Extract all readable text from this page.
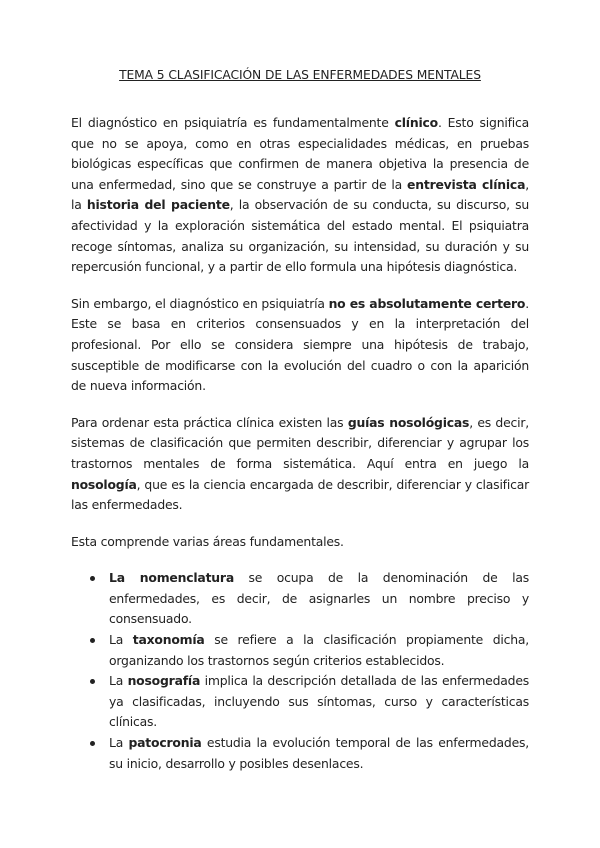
TEMA 5 CLASIFICACIÓN DE LAS ENFERMEDADES MENTALES

El diagnóstico en psiquiatría es fundamentalmente clínico. Esto significa que no se apoya, como en otras especialidades médicas, en pruebas biológicas específicas que confirmen de manera objetiva la presencia de una enfermedad, sino que se construye a partir de la entrevista clínica, la historia del paciente, la observación de su conducta, su discurso, su afectividad y la exploración sistemática del estado mental. El psiquiatra recoge síntomas, analiza su organización, su intensidad, su duración y su repercusión funcional, y a partir de ello formula una hipótesis diagnóstica.

Sin embargo, el diagnóstico en psiquiatría no es absolutamente certero. Este se basa en criterios consensuados y en la interpretación del profesional. Por ello se considera siempre una hipótesis de trabajo, susceptible de modificarse con la evolución del cuadro o con la aparición de nueva información.

Para ordenar esta práctica clínica existen las guías nosológicas, es decir, sistemas de clasificación que permiten describir, diferenciar y agrupar los trastornos mentales de forma sistemática. Aquí entra en juego la nosología, que es la ciencia encargada de describir, diferenciar y clasificar las enfermedades.

Esta comprende varias áreas fundamentales.

La nomenclatura se ocupa de la denominación de las enfermedades, es decir, de asignarles un nombre preciso y consensuado.
La taxonomía se refiere a la clasificación propiamente dicha, organizando los trastornos según criterios establecidos.
La nosografía implica la descripción detallada de las enfermedades ya clasificadas, incluyendo sus síntomas, curso y características clínicas.
La patocronia estudia la evolución temporal de las enfermedades, su inicio, desarrollo y posibles desenlaces.
